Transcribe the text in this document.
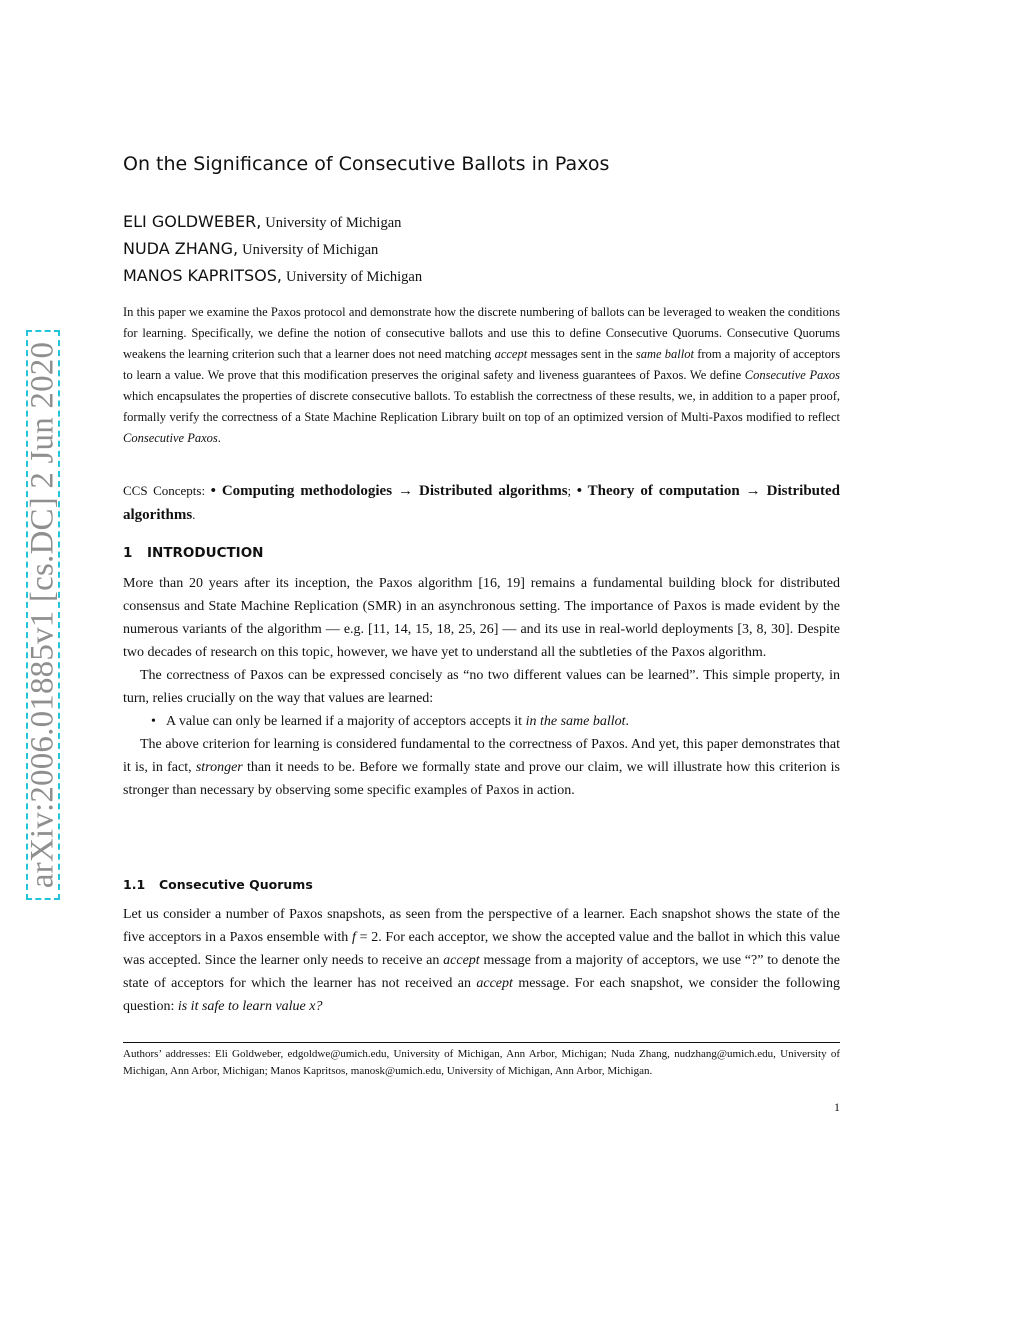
arXiv:2006.01885v1 [cs.DC] 2 Jun 2020
On the Significance of Consecutive Ballots in Paxos
ELI GOLDWEBER, University of Michigan
NUDA ZHANG, University of Michigan
MANOS KAPRITSOS, University of Michigan

In this paper we examine the Paxos protocol and demonstrate how the discrete numbering of ballots can be leveraged to weaken the conditions for learning. Specifically, we define the notion of consecutive ballots and use this to define Consecutive Quorums. Consecutive Quorums weakens the learning criterion such that a learner does not need matching accept messages sent in the same ballot from a majority of acceptors to learn a value. We prove that this modification preserves the original safety and liveness guarantees of Paxos. We define Consecutive Paxos which encapsulates the properties of discrete consecutive ballots. To establish the correctness of these results, we, in addition to a paper proof, formally verify the correctness of a State Machine Replication Library built on top of an optimized version of Multi-Paxos modified to reflect Consecutive Paxos.

CCS Concepts: • Computing methodologies → Distributed algorithms; • Theory of computation → Distributed algorithms.

1 INTRODUCTION

More than 20 years after its inception, the Paxos algorithm [16, 19] remains a fundamental building block for distributed consensus and State Machine Replication (SMR) in an asynchronous setting. The importance of Paxos is made evident by the numerous variants of the algorithm — e.g. [11, 14, 15, 18, 25, 26] — and its use in real-world deployments [3, 8, 30]. Despite two decades of research on this topic, however, we have yet to understand all the subtleties of the Paxos algorithm.

The correctness of Paxos can be expressed concisely as “no two different values can be learned”. This simple property, in turn, relies crucially on the way that values are learned:

• A value can only be learned if a majority of acceptors accepts it in the same ballot.

The above criterion for learning is considered fundamental to the correctness of Paxos. And yet, this paper demonstrates that it is, in fact, stronger than it needs to be. Before we formally state and prove our claim, we will illustrate how this criterion is stronger than necessary by observing some specific examples of Paxos in action.

1.1 Consecutive Quorums

Let us consider a number of Paxos snapshots, as seen from the perspective of a learner. Each snapshot shows the state of the five acceptors in a Paxos ensemble with f = 2. For each acceptor, we show the accepted value and the ballot in which this value was accepted. Since the learner only needs to receive an accept message from a majority of acceptors, we use “?” to denote the state of acceptors for which the learner has not received an accept message. For each snapshot, we consider the following question: is it safe to learn value x?

Authors’ addresses: Eli Goldweber, edgoldwe@umich.edu, University of Michigan, Ann Arbor, Michigan; Nuda Zhang, nudzhang@umich.edu, University of Michigan, Ann Arbor, Michigan; Manos Kapritsos, manosk@umich.edu, University of Michigan, Ann Arbor, Michigan.

1
